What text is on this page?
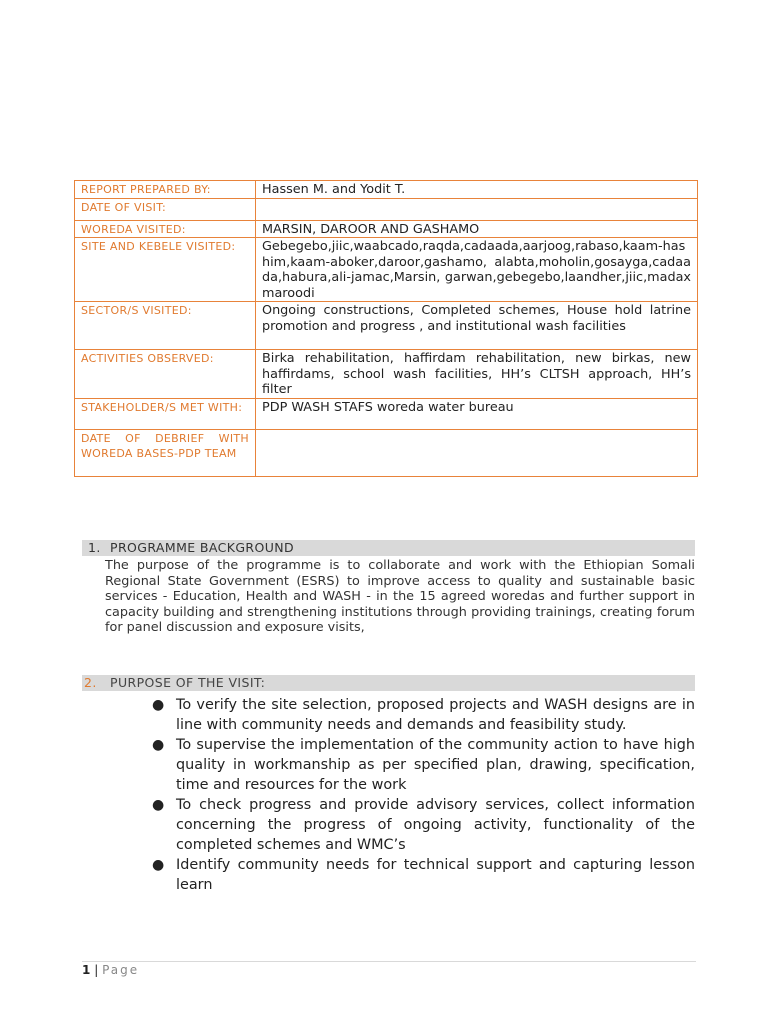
REPORT PREPARED BY:	Hassen M. and Yodit T.
DATE OF VISIT:	
WOREDA VISITED:	MARSIN, DAROOR AND GASHAMO
SITE AND KEBELE VISITED:	Gebegebo,jiic,waabcado,raqda,cadaada,aarjoog,rabaso,kaam-hashim,kaam-aboker,daroor,gashamo, alabta,moholin,gosayga,cadaada,habura,ali-jamac,Marsin, garwan,gebegebo,laandher,jiic,madax maroodi
SECTOR/S VISITED:	Ongoing constructions, Completed schemes, House hold latrine promotion and progress , and institutional wash facilities
ACTIVITIES OBSERVED:	Birka rehabilitation, haffirdam rehabilitation, new birkas, new haffirdams, school wash facilities, HH’s CLTSH approach, HH’s filter
STAKEHOLDER/S MET WITH:	PDP WASH STAFS woreda water bureau
DATE OF DEBRIEF WITH WOREDA BASES-PDP TEAM	
1. PROGRAMME BACKGROUND

The purpose of the programme is to collaborate and work with the Ethiopian Somali Regional State Government (ESRS) to improve access to quality and sustainable basic services - Education, Health and WASH - in the 15 agreed woredas and further support in capacity building and strengthening institutions through providing trainings, creating forum for panel discussion and exposure visits,

2. PURPOSE OF THE VISIT:
● To verify the site selection, proposed projects and WASH designs are in line with community needs and demands and feasibility study.
● To supervise the implementation of the community action to have high quality in workmanship as per specified plan, drawing, specification, time and resources for the work
● To check progress and provide advisory services, collect information concerning the progress of ongoing activity, functionality of the completed schemes and WMC’s
● Identify community needs for technical support and capturing lesson learn
1 | Page
